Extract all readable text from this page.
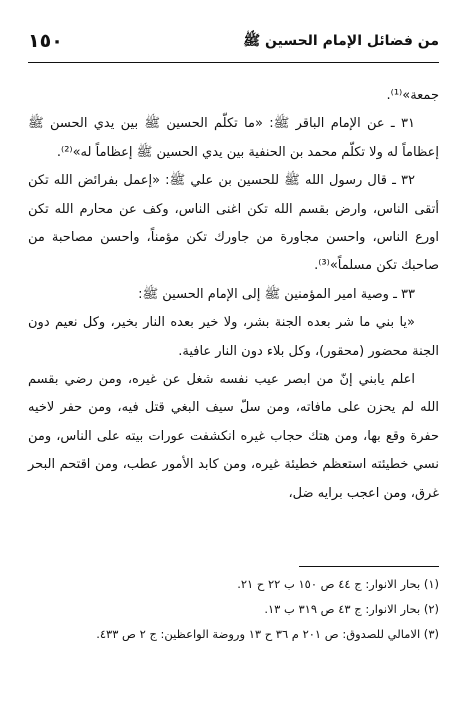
من فضائل الإمام الحسين ﷺ
١٥٠

جمعة»⁽¹⁾.

٣١ ـ عن الإمام الباقر ﷺ: «ما تكلّم الحسين ﷺ بين يدي الحسن ﷺ إعظاماً له ولا تكلّم محمد بن الحنفية بين يدي الحسين ﷺ إعظاماً له»⁽²⁾.

٣٢ ـ قال رسول الله ﷺ للحسين بن علي ﷺ: «إعمل بفرائض الله تكن أتقى الناس، وارض بقسم الله تكن اغنى الناس، وكف عن محارم الله تكن اورع الناس، واحسن مجاورة من جاورك تكن مؤمناً، واحسن مصاحبة من صاحبك تكن مسلماً»⁽³⁾.

٣٣ ـ وصية امير المؤمنين ﷺ إلى الإمام الحسين ﷺ:

«يا بني ما شر بعده الجنة بشر، ولا خير بعده النار بخير، وكل نعيم دون الجنة محضور (محقور)، وكل بلاء دون النار عافية.

اعلم يابني إنّ من ابصر عيب نفسه شغل عن غيره، ومن رضي بقسم الله لم يحزن على مافاته، ومن سلّ سيف البغي قتل فيه، ومن حفر لاخيه حفرة وقع بها، ومن هتك حجاب غيره انكشفت عورات بيته على الناس، ومن نسي خطيئته استعظم خطيئة غيره، ومن كابد الأمور عطب، ومن اقتحم البحر غرق، ومن اعجب برايه ضل،

(١) بحار الانوار: ج ٤٤ ص ١٥٠ ب ٢٢ ح ٢١.

(٢) بحار الانوار: ج ٤٣ ص ٣١٩ ب ١٣.

(٣) الامالي للصدوق: ص ٢٠١ م ٣٦ ح ١٣ وروضة الواعظين: ج ٢ ص ٤٣٣.
